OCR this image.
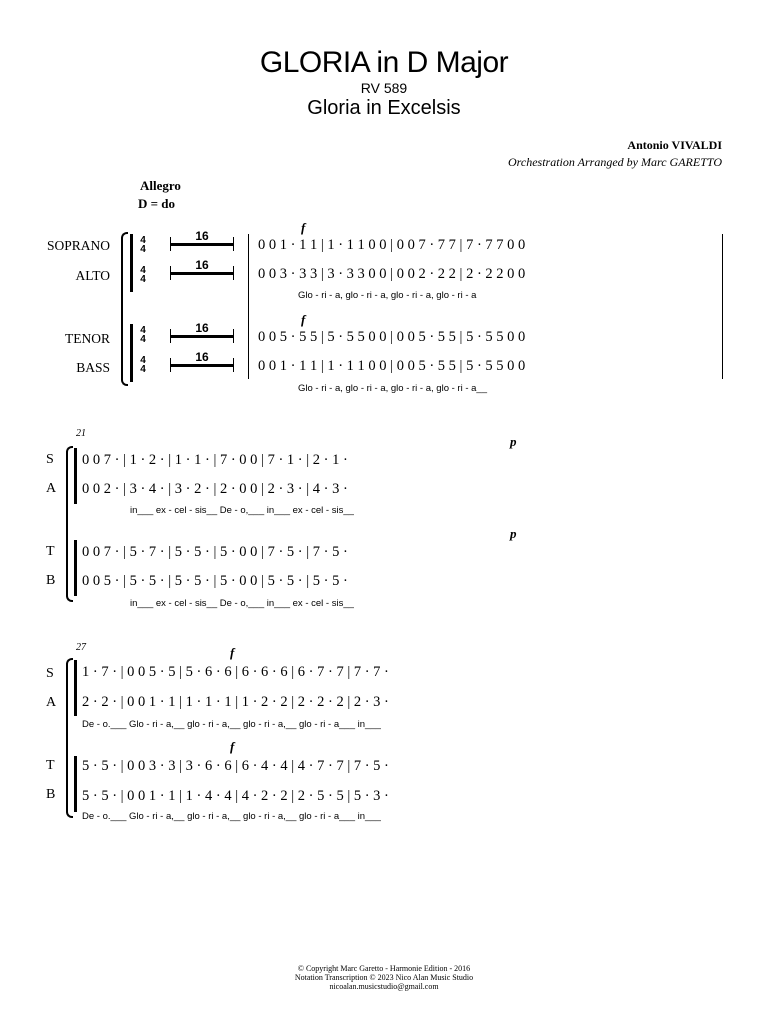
GLORIA in D Major
RV 589
Gloria in Excelsis
Antonio VIVALDI
Orchestration Arranged by Marc GARETTO
Allegro
D = do
SOPRANO
ALTO
TENOR
BASS
4
4
4
4
4
4
4
4
16
16
16
16
f
f
0 0 1 · 1 1 | 1 · 1 1 0 0 | 0 0 7 · 7 7 | 7 · 7 7 0 0
0 0 3 · 3 3 | 3 · 3 3 0 0 | 0 0 2 · 2 2 | 2 · 2 2 0 0
Glo - ri - a, glo - ri - a, glo - ri - a, glo - ri - a
0 0 5 · 5 5 | 5 · 5 5 0 0 | 0 0 5 · 5 5 | 5 · 5 5 0 0
0 0 1 · 1 1 | 1 · 1 1 0 0 | 0 0 5 · 5 5 | 5 · 5 5 0 0
Glo - ri - a, glo - ri - a, glo - ri - a, glo - ri - a__
21
S
A
T
B
p
p
0 0 7 · | 1 · 2 · | 1 · 1 · | 7 · 0 0 | 7 · 1 · | 2 · 1 ·
0 0 2 · | 3 · 4 · | 3 · 2 · | 2 · 0 0 | 2 · 3 · | 4 · 3 ·
in___ ex - cel - sis__ De - o,___ in___ ex - cel - sis__
0 0 7 · | 5 · 7 · | 5 · 5 · | 5 · 0 0 | 7 · 5 · | 7 · 5 ·
0 0 5 · | 5 · 5 · | 5 · 5 · | 5 · 0 0 | 5 · 5 · | 5 · 5 ·
in___ ex - cel - sis__ De - o,___ in___ ex - cel - sis__
27
S
A
T
B
f
f
1 · 7 · | 0 0 5 · 5 | 5 · 6 · 6 | 6 · 6 · 6 | 6 · 7 · 7 | 7 · 7 ·
2 · 2 · | 0 0 1 · 1 | 1 · 1 · 1 | 1 · 2 · 2 | 2 · 2 · 2 | 2 · 3 ·
De - o.___ Glo - ri - a,__ glo - ri - a,__ glo - ri - a,__ glo - ri - a___ in___
5 · 5 · | 0 0 3 · 3 | 3 · 6 · 6 | 6 · 4 · 4 | 4 · 7 · 7 | 7 · 5 ·
5 · 5 · | 0 0 1 · 1 | 1 · 4 · 4 | 4 · 2 · 2 | 2 · 5 · 5 | 5 · 3 ·
De - o.___ Glo - ri - a,__ glo - ri - a,__ glo - ri - a,__ glo - ri - a___ in___
© Copyright Marc Garetto - Harmonie Edition - 2016
Notation Transcription © 2023 Nico Alan Music Studio
nicoalan.musicstudio@gmail.com
